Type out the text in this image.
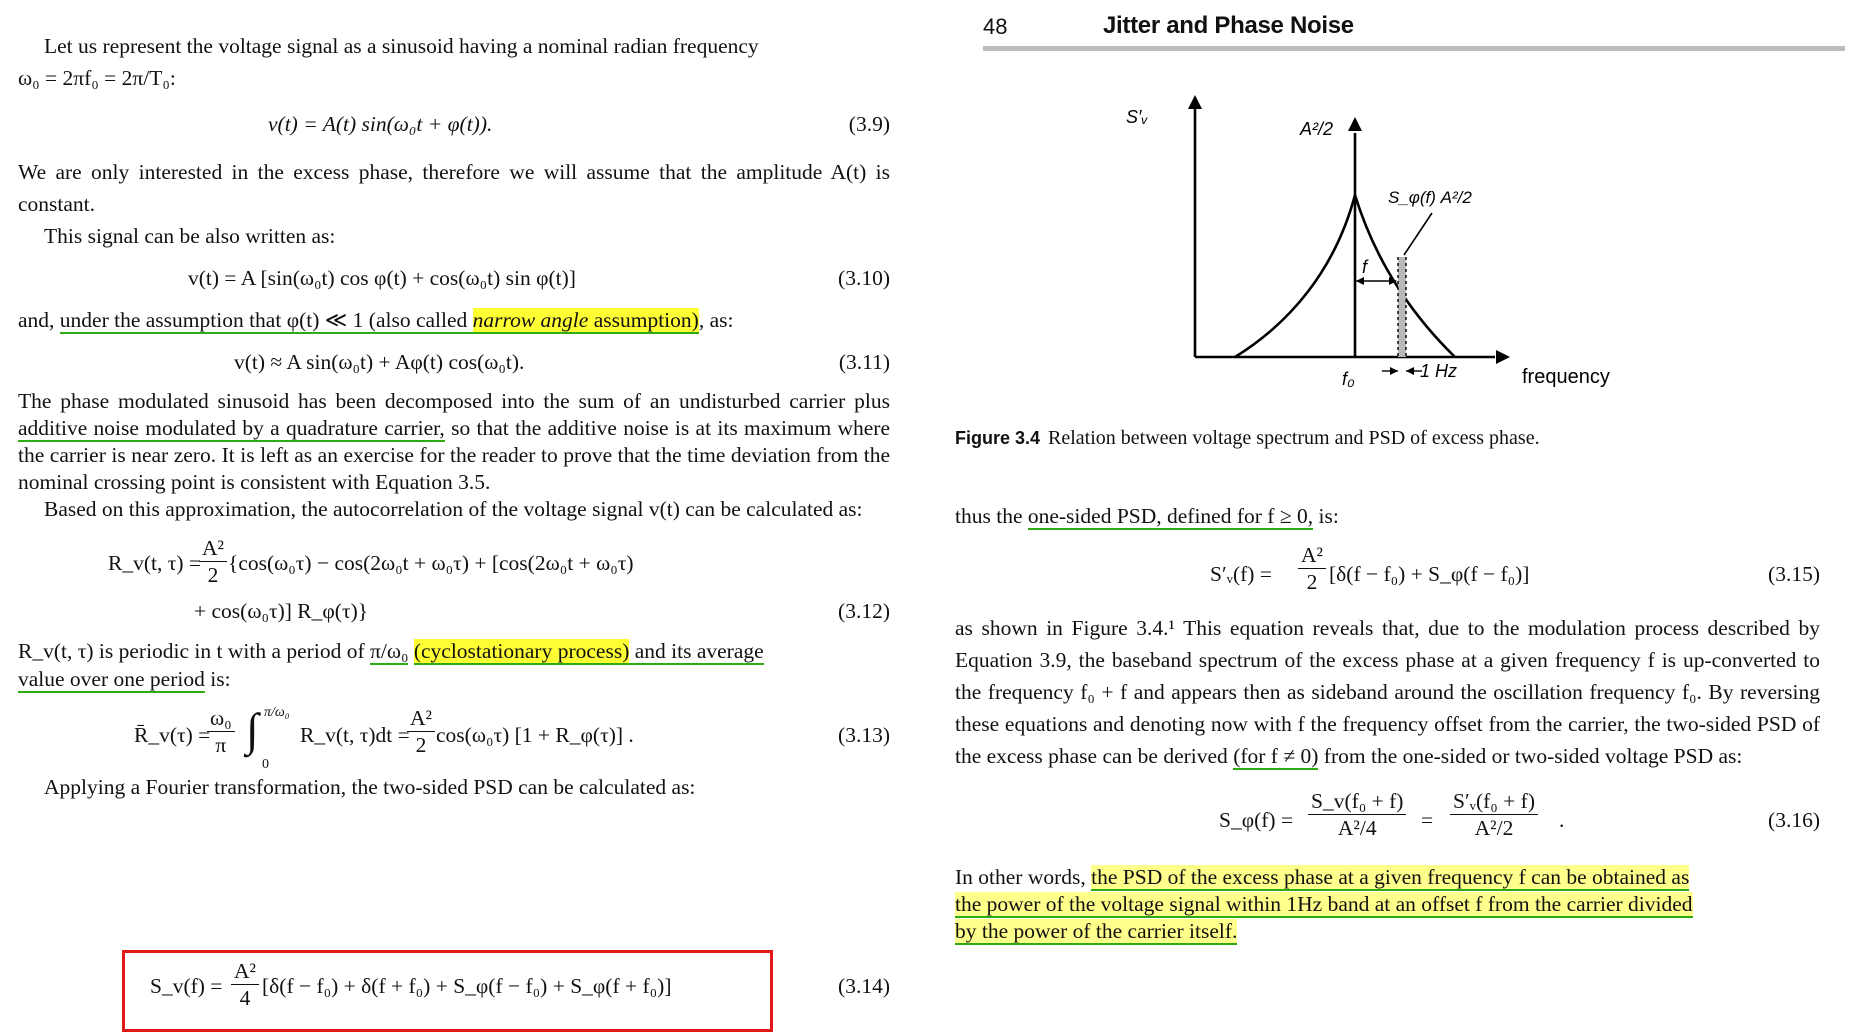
48	Jitter and Phase Noise

Let us represent the voltage signal as a sinusoid having a nominal radian frequency
ω₀ = 2πf₀ = 2π/T₀:

v(t) = A(t) sin(ω₀t + φ(t)).	(3.9)

We are only interested in the excess phase, therefore we will assume that the amplitude A(t) is constant.

This signal can be also written as:

v(t) = A [sin(ω₀t) cos φ(t) + cos(ω₀t) sin φ(t)]	(3.10)

and, under the assumption that φ(t) ≪ 1 (also called narrow angle assumption), as:

v(t) ≈ A sin(ω₀t) + Aφ(t) cos(ω₀t).	(3.11)

The phase modulated sinusoid has been decomposed into the sum of an undisturbed carrier plus additive noise modulated by a quadrature carrier, so that the additive noise is at its maximum where the carrier is near zero. It is left as an exercise for the reader to prove that the time deviation from the nominal crossing point is consistent with Equation 3.5.

Based on this approximation, the autocorrelation of the voltage signal v(t) can be calculated as:

R_v(t, τ) =
$\frac{\text{A²}}{2} \{\cos(\omega_0\tau) - \cos(2\omega_0t + \omega_0\tau) + [\cos(2\omega_0t + \omega_0\tau)$
+ cos(ω₀τ)] R_φ(τ)}	(3.12)

R_v(t, τ) is periodic in t with a period of π/ω₀ (cyclostationary process) and its average
value over one period is:

R̄_v(τ) =
$\frac{\text{ω₀}}{\pi}$ ∫ π/ω₀
0
R_v(t, τ)dt =
$\frac{\text{A²}}{2} \cos(\omega_0\tau) [1$ + R_φ(τ)] .	(3.13)

Applying a Fourier transformation, the two-sided PSD can be calculated as:

S_v(f) = $\frac{\text{A²}}{4} [\delta(f - f_0) + \delta(f + f_0)$ + S_φ(f − f₀) + S_φ(f + f₀)]	(3.14)
S′ᵥ
A²/2
S_φ(f) A²/2
f
f₀	1 Hz	frequency
Figure 3.4 Relation between voltage spectrum and PSD of excess phase.

thus the one-sided PSD, defined for f ≥ 0, is:

S′ᵥ(f) = $\frac{\text{A²}}{2} [\delta(f - f_0)$ + S_φ(f − f₀)]	(3.15)

as shown in Figure 3.4.¹ This equation reveals that, due to the modulation process described by Equation 3.9, the baseband spectrum of the excess phase at a given frequency f is up-converted to the frequency f₀ + f and appears then as sideband around the oscillation frequency f₀. By reversing these equations and denoting now with f the frequency offset from the carrier, the two-sided PSD of the excess phase can be derived (for f ≠ 0) from the one-sided or two-sided voltage PSD as:

S_φ(f) = $\frac{\text{S\_v(f₀ + f)}}{\text{A²/4}} = \frac{\text{S′ᵥ(f₀ + f)}}{\text{A²/2}}$ .	(3.16)

In other words, the PSD of the excess phase at a given frequency f can be obtained as
the power of the voltage signal within 1Hz band at an offset f from the carrier divided
by the power of the carrier itself.
